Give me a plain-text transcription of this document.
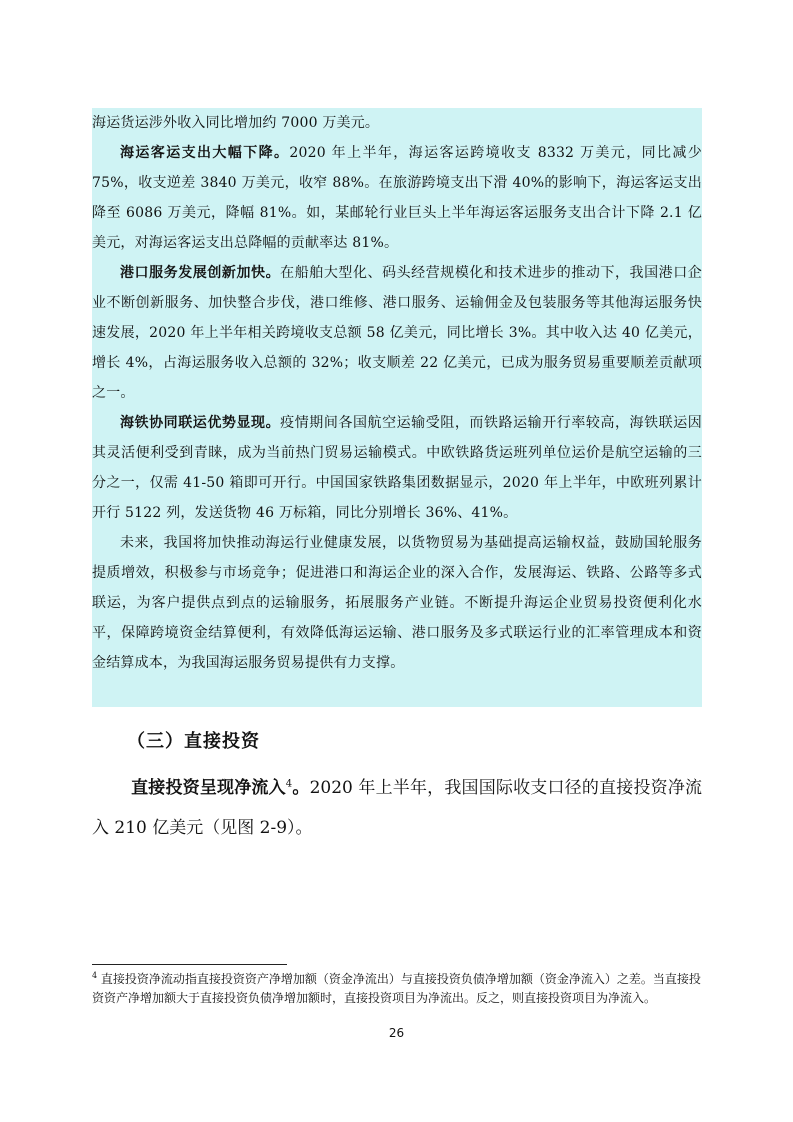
海运货运涉外收入同比增加约 7000 万美元。

海运客运支出大幅下降。2020 年上半年，海运客运跨境收支 8332 万美元，同比减少 75%，收支逆差 3840 万美元，收窄 88%。在旅游跨境支出下滑 40%的影响下，海运客运支出降至 6086 万美元，降幅 81%。如，某邮轮行业巨头上半年海运客运服务支出合计下降 2.1 亿美元，对海运客运支出总降幅的贡献率达 81%。

港口服务发展创新加快。在船舶大型化、码头经营规模化和技术进步的推动下，我国港口企业不断创新服务、加快整合步伐，港口维修、港口服务、运输佣金及包装服务等其他海运服务快速发展，2020 年上半年相关跨境收支总额 58 亿美元，同比增长 3%。其中收入达 40 亿美元，增长 4%，占海运服务收入总额的 32%；收支顺差 22 亿美元，已成为服务贸易重要顺差贡献项之一。

海铁协同联运优势显现。疫情期间各国航空运输受阻，而铁路运输开行率较高，海铁联运因其灵活便利受到青睐，成为当前热门贸易运输模式。中欧铁路货运班列单位运价是航空运输的三分之一，仅需 41-50 箱即可开行。中国国家铁路集团数据显示，2020 年上半年，中欧班列累计开行 5122 列，发送货物 46 万标箱，同比分别增长 36%、41%。

未来，我国将加快推动海运行业健康发展，以货物贸易为基础提高运输权益，鼓励国轮服务提质增效，积极参与市场竞争；促进港口和海运企业的深入合作，发展海运、铁路、公路等多式联运，为客户提供点到点的运输服务，拓展服务产业链。不断提升海运企业贸易投资便利化水平，保障跨境资金结算便利，有效降低海运运输、港口服务及多式联运行业的汇率管理成本和资金结算成本，为我国海运服务贸易提供有力支撑。

（三）直接投资

直接投资呈现净流入$^4$。2020 年上半年，我国国际收支口径的直接投资净流入 210 亿美元（见图 2-9）。

$^4$ 直接投资净流动指直接投资资产净增加额（资金净流出）与直接投资负债净增加额（资金净流入）之差。当直接投资资产净增加额大于直接投资负债净增加额时，直接投资项目为净流出。反之，则直接投资项目为净流入。

26
